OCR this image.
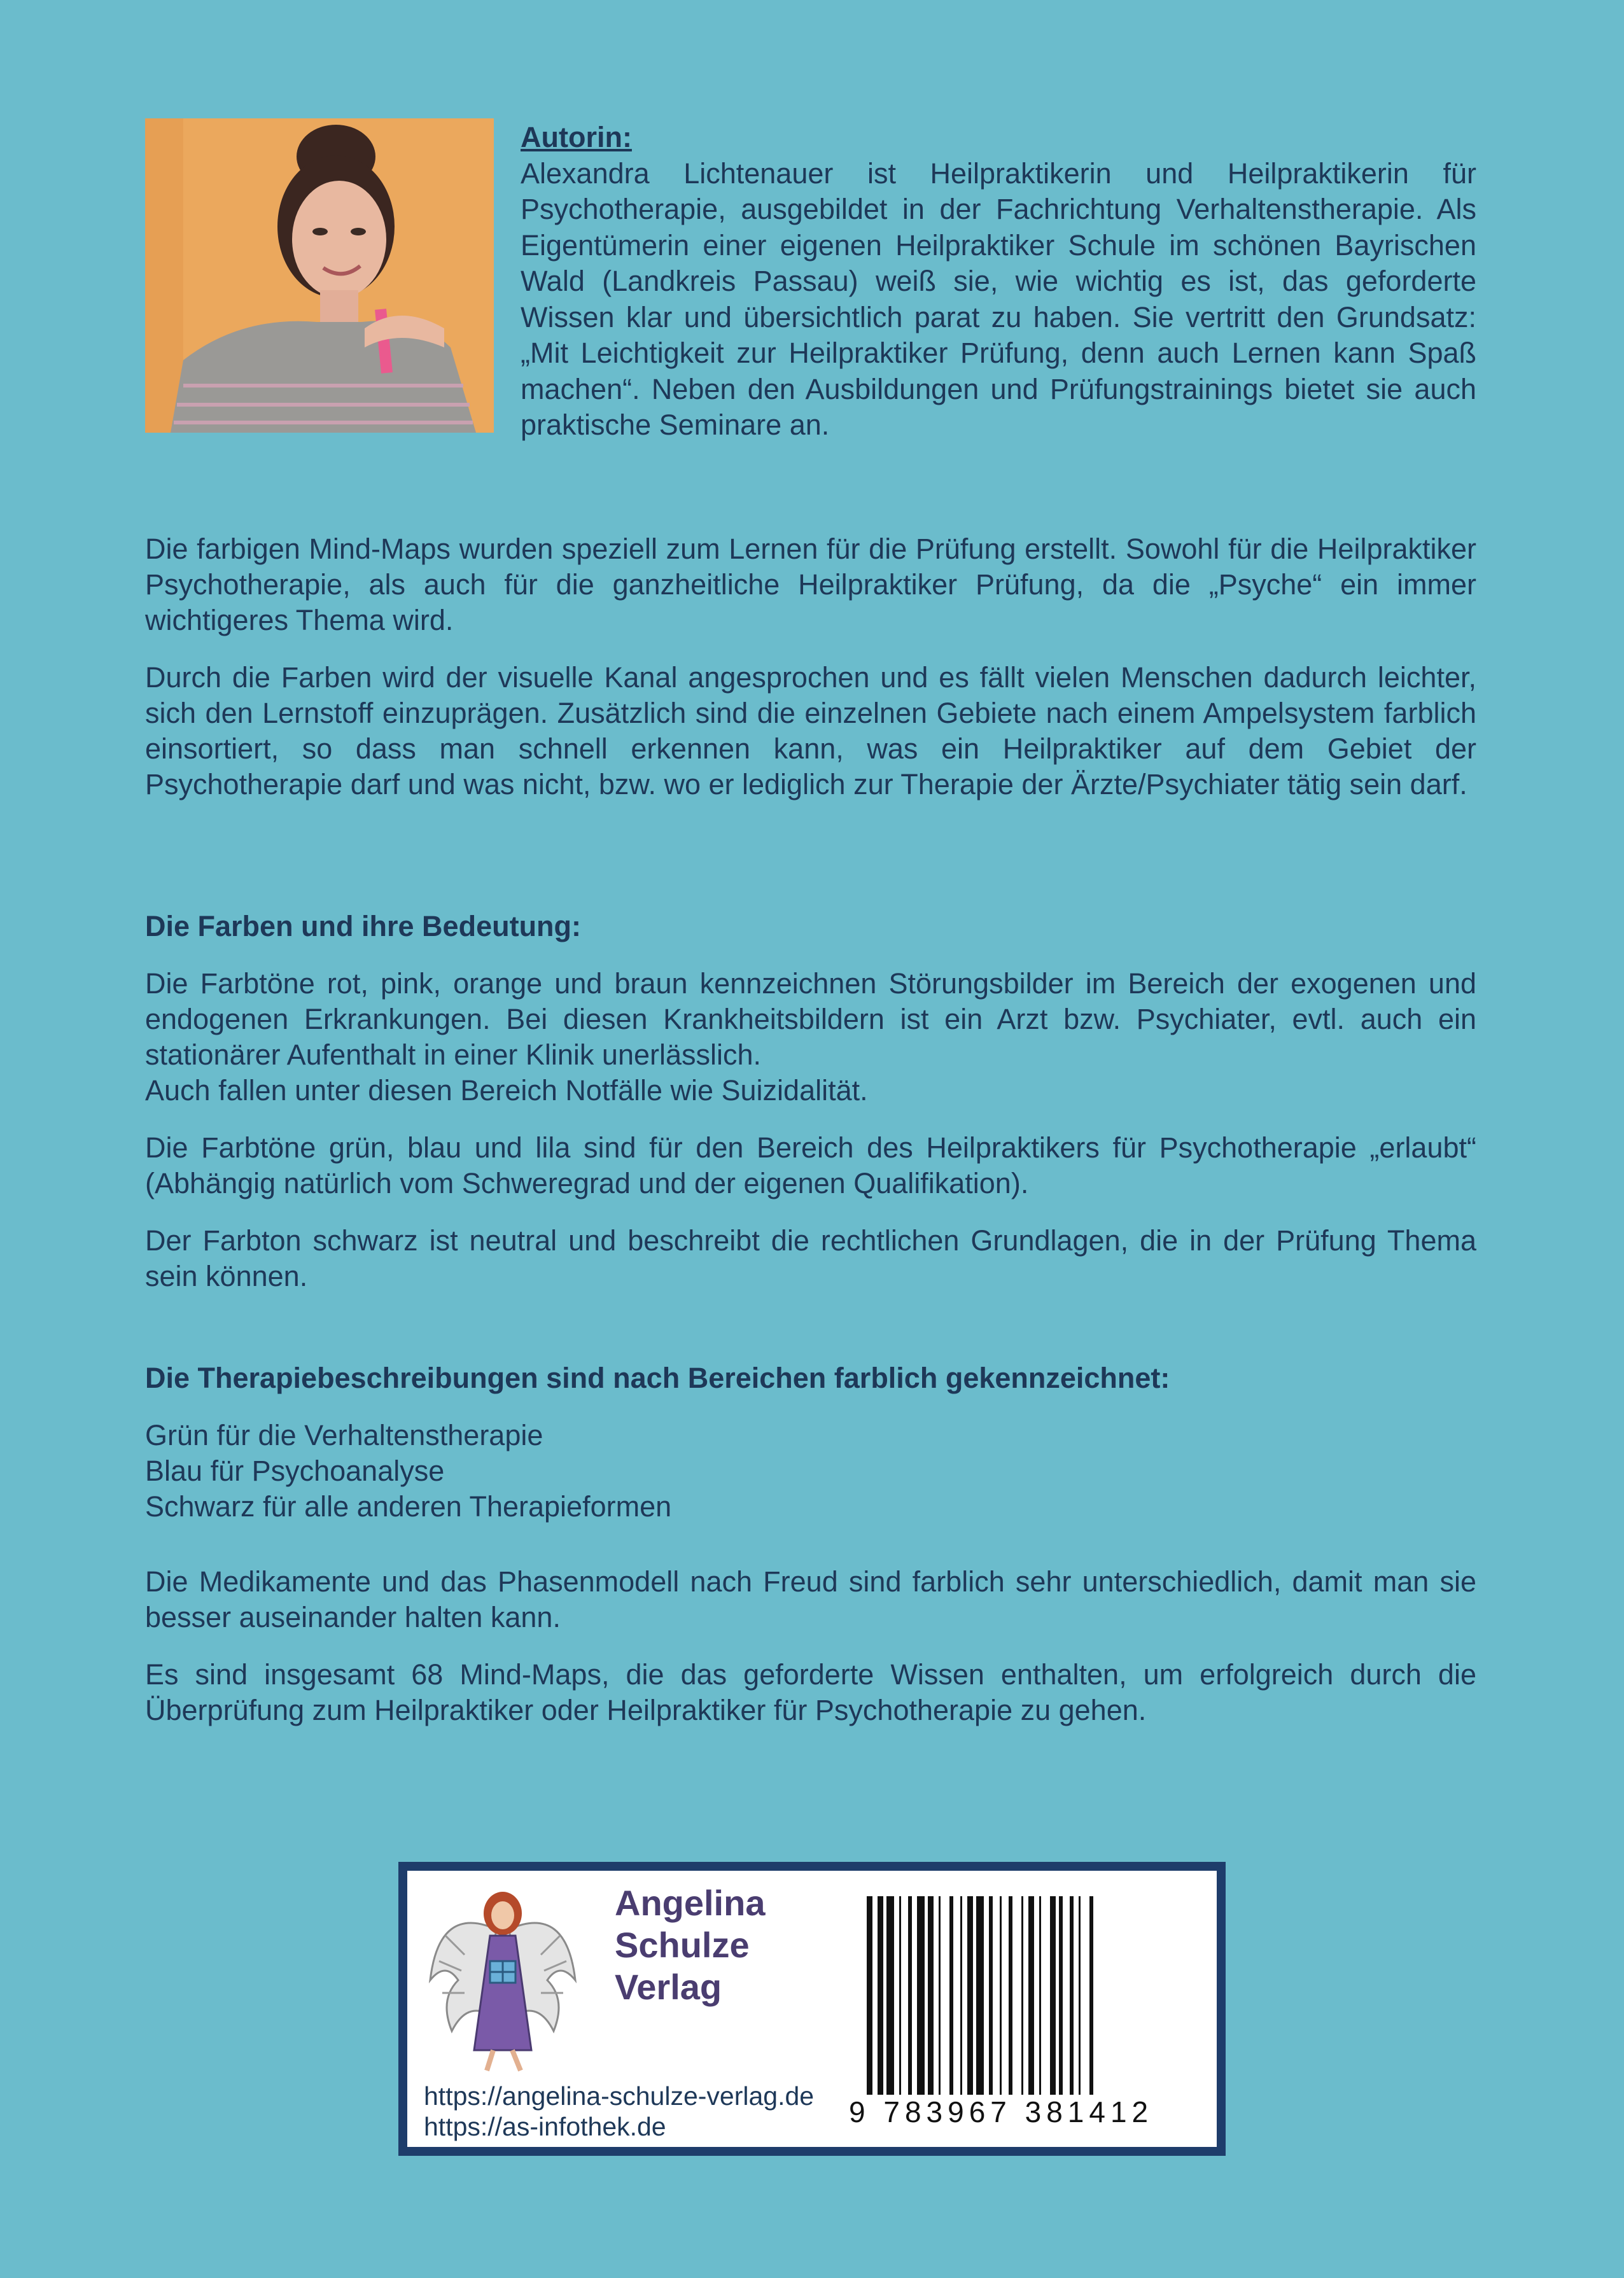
Autorin:
Alexandra Lichtenauer ist Heilpraktikerin und Heilpraktikerin für Psychotherapie, ausgebildet in der Fachrichtung Verhaltenstherapie. Als Eigentümerin einer eigenen Heilpraktiker Schule im schönen Bayrischen Wald (Landkreis Passau) weiß sie, wie wichtig es ist, das geforderte Wissen klar und übersichtlich parat zu haben. Sie vertritt den Grundsatz: „Mit Leichtigkeit zur Heilpraktiker Prüfung, denn auch Lernen kann Spaß machen“. Neben den Ausbildungen und Prüfungstrainings bietet sie auch praktische Seminare an.

Die farbigen Mind-Maps wurden speziell zum Lernen für die Prüfung erstellt. Sowohl für die Heilpraktiker Psychotherapie, als auch für die ganzheitliche Heilpraktiker Prüfung, da die „Psyche“ ein immer wichtigeres Thema wird.

Durch die Farben wird der visuelle Kanal angesprochen und es fällt vielen Menschen dadurch leichter, sich den Lernstoff einzuprägen. Zusätzlich sind die einzelnen Gebiete nach einem Ampelsystem farblich einsortiert, so dass man schnell erkennen kann, was ein Heilpraktiker auf dem Gebiet der Psychotherapie darf und was nicht, bzw. wo er lediglich zur Therapie der Ärzte/Psychiater tätig sein darf.

Die Farben und ihre Bedeutung:

Die Farbtöne rot, pink, orange und braun kennzeichnen Störungsbilder im Bereich der exogenen und endogenen Erkrankungen. Bei diesen Krankheitsbildern ist ein Arzt bzw. Psychiater, evtl. auch ein stationärer Aufenthalt in einer Klinik unerlässlich.

Auch fallen unter diesen Bereich Notfälle wie Suizidalität.

Die Farbtöne grün, blau und lila sind für den Bereich des Heilpraktikers für Psychotherapie „erlaubt“ (Abhängig natürlich vom Schweregrad und der eigenen Qualifikation).

Der Farbton schwarz ist neutral und beschreibt die rechtlichen Grundlagen, die in der Prüfung Thema sein können.

Die Therapiebeschreibungen sind nach Bereichen farblich gekennzeichnet:

Grün für die Verhaltenstherapie

Blau für Psychoanalyse

Schwarz für alle anderen Therapieformen

Die Medikamente und das Phasenmodell nach Freud sind farblich sehr unterschiedlich, damit man sie besser auseinander halten kann.

Es sind insgesamt 68 Mind-Maps, die das geforderte Wissen enthalten, um erfolgreich durch die Überprüfung zum Heilpraktiker oder Heilpraktiker für Psychotherapie zu gehen.

Angelina
Schulze
Verlag
https://angelina-schulze-verlag.de
https://as-infothek.de	9 783967 381412
